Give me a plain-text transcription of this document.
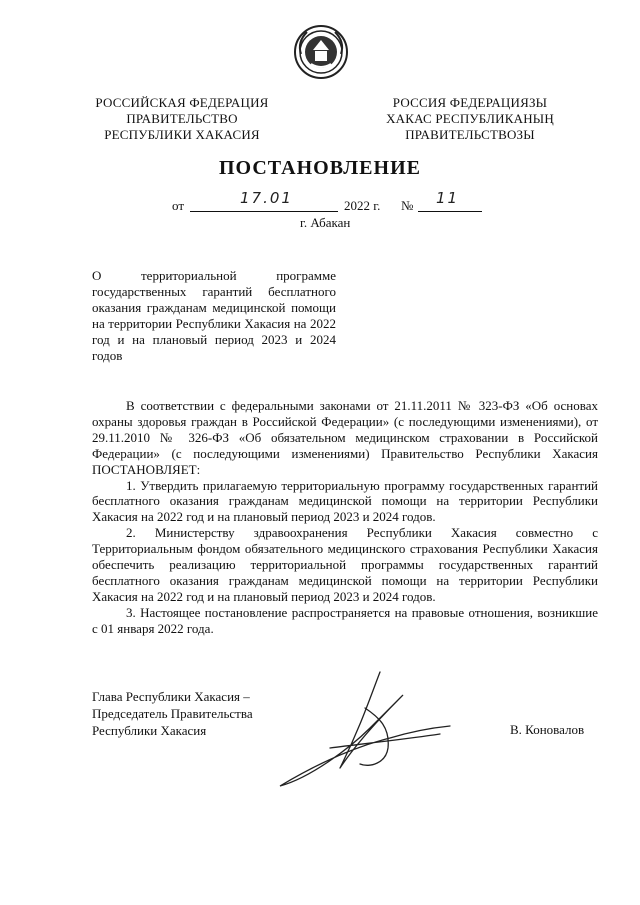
РОССИЙСКАЯ ФЕДЕРАЦИЯ
ПРАВИТЕЛЬСТВО
РЕСПУБЛИКИ ХАКАСИЯ
РОССИЯ ФЕДЕРАЦИЯЗЫ
ХАКАС РЕСПУБЛИКАНЫҢ
ПРАВИТЕЛЬСТВОЗЫ
ПОСТАНОВЛЕНИЕ
от	17.01	2022 г. № 11
г. Абакан
О территориальной программе государственных гарантий бесплатного оказания гражданам медицинской помощи на территории Республики Хакасия на 2022 год и на плановый период 2023 и 2024 годов

В соответствии с федеральными законами от 21.11.2011 № 323-ФЗ «Об основах охраны здоровья граждан в Российской Федерации» (с последующими изменениями), от 29.11.2010 № 326-ФЗ «Об обязательном медицинском страховании в Российской Федерации» (с последующими изменениями) Правительство Республики Хакасия ПОСТАНОВЛЯЕТ:

1. Утвердить прилагаемую территориальную программу государственных гарантий бесплатного оказания гражданам медицинской помощи на территории Республики Хакасия на 2022 год и на плановый период 2023 и 2024 годов.

2. Министерству здравоохранения Республики Хакасия совместно с Территориальным фондом обязательного медицинского страхования Республики Хакасия обеспечить реализацию территориальной программы государственных гарантий бесплатного оказания гражданам медицинской помощи на территории Республики Хакасия на 2022 год и на плановый период 2023 и 2024 годов.

3. Настоящее постановление распространяется на правовые отношения, возникшие с 01 января 2022 года.

Глава Республики Хакасия –
Председатель Правительства
Республики Хакасия	В. Коновалов
